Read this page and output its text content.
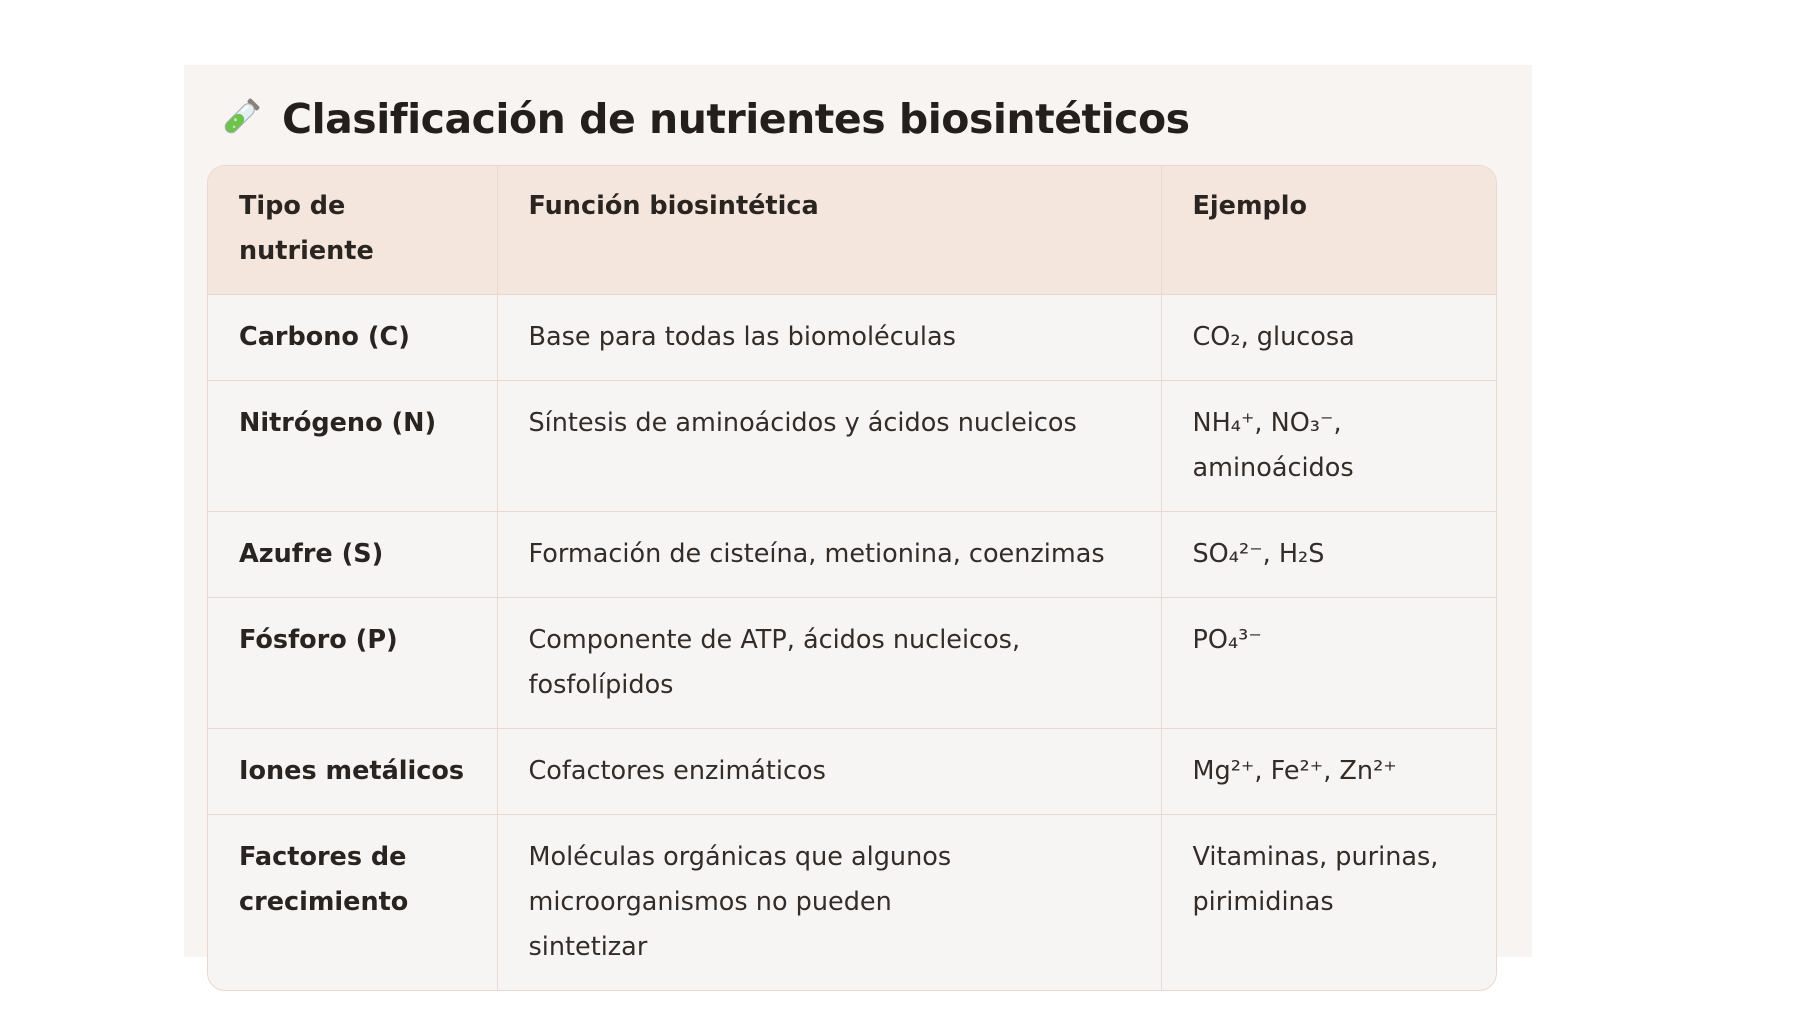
Clasificación de nutrientes biosintéticos
Tipo de nutriente	Función biosintética	Ejemplo
Carbono (C)	Base para todas las biomoléculas	CO₂, glucosa
Nitrógeno (N)	Síntesis de aminoácidos y ácidos nucleicos	NH₄⁺, NO₃⁻, aminoácidos
Azufre (S)	Formación de cisteína, metionina, coenzimas	SO₄²⁻, H₂S
Fósforo (P)	Componente de ATP, ácidos nucleicos, fosfolípidos	PO₄³⁻
Iones metálicos	Cofactores enzimáticos	Mg²⁺, Fe²⁺, Zn²⁺
Factores de crecimiento	Moléculas orgánicas que algunos microorganismos no pueden sintetizar	Vitaminas, purinas, pirimidinas
